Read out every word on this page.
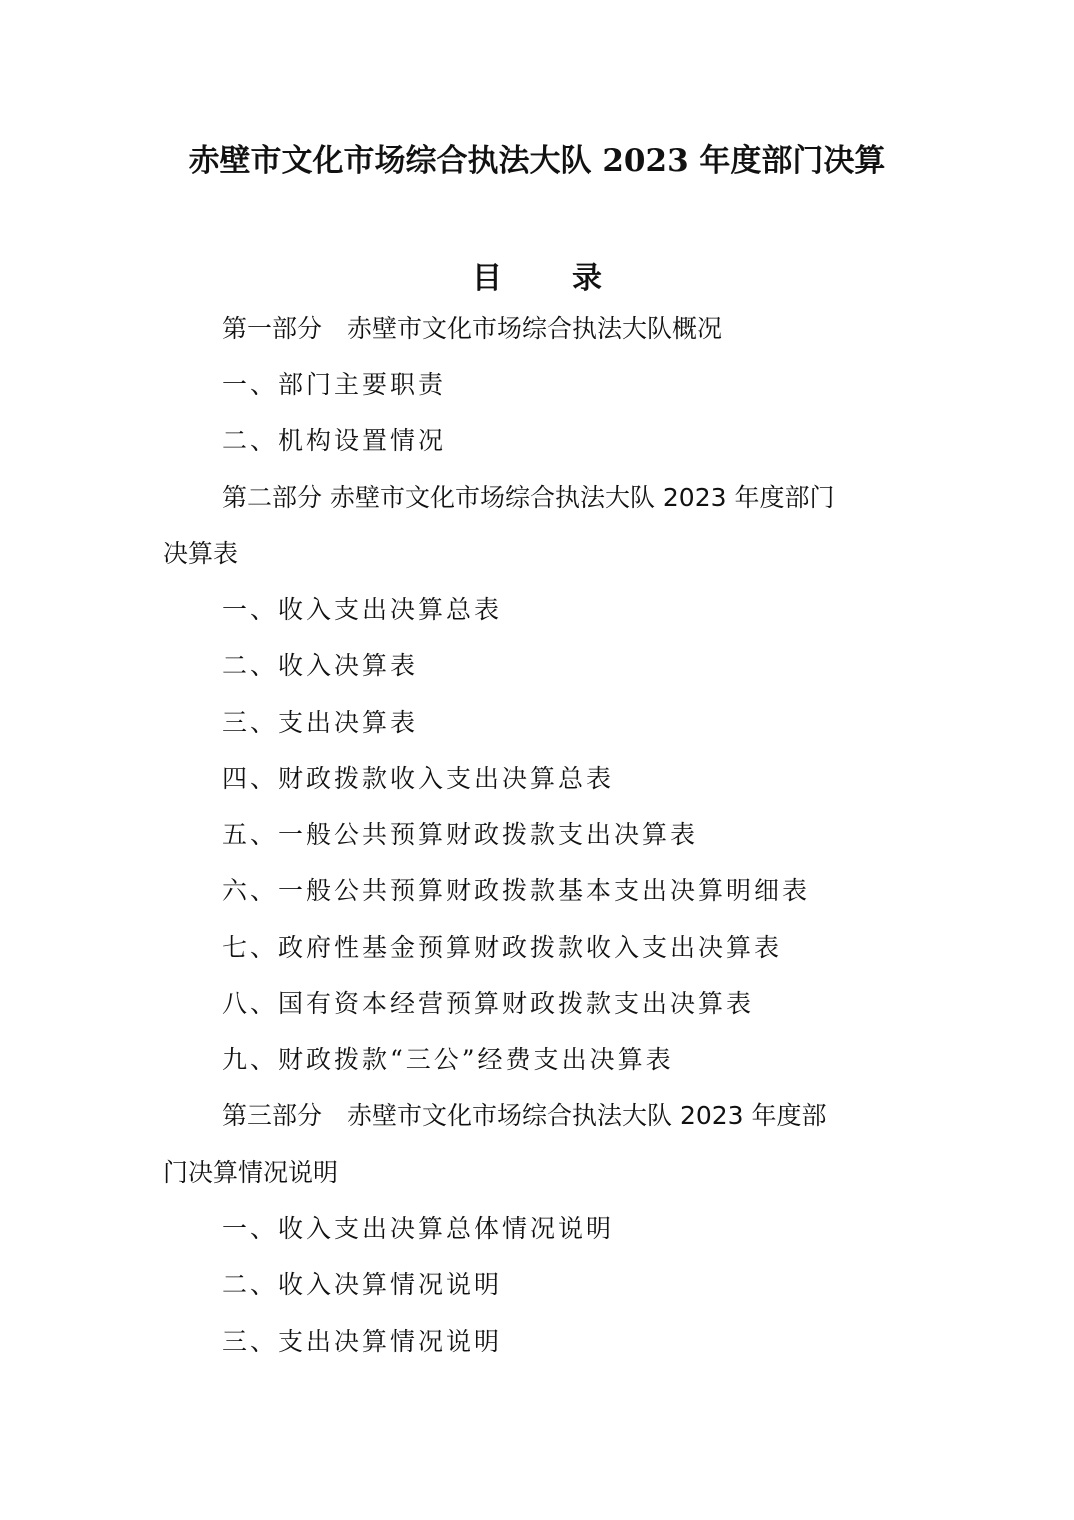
赤壁市文化市场综合执法大队 2023 年度部门决算
目 录
第一部分　赤壁市文化市场综合执法大队概况
一、部门主要职责
二、机构设置情况
第二部分 赤壁市文化市场综合执法大队 2023 年度部门
决算表
一、收入支出决算总表
二、收入决算表
三、支出决算表
四、财政拨款收入支出决算总表
五、一般公共预算财政拨款支出决算表
六、一般公共预算财政拨款基本支出决算明细表
七、政府性基金预算财政拨款收入支出决算表
八、国有资本经营预算财政拨款支出决算表
九、财政拨款“三公”经费支出决算表
第三部分　赤壁市文化市场综合执法大队 2023 年度部
门决算情况说明
一、收入支出决算总体情况说明
二、收入决算情况说明
三、支出决算情况说明
